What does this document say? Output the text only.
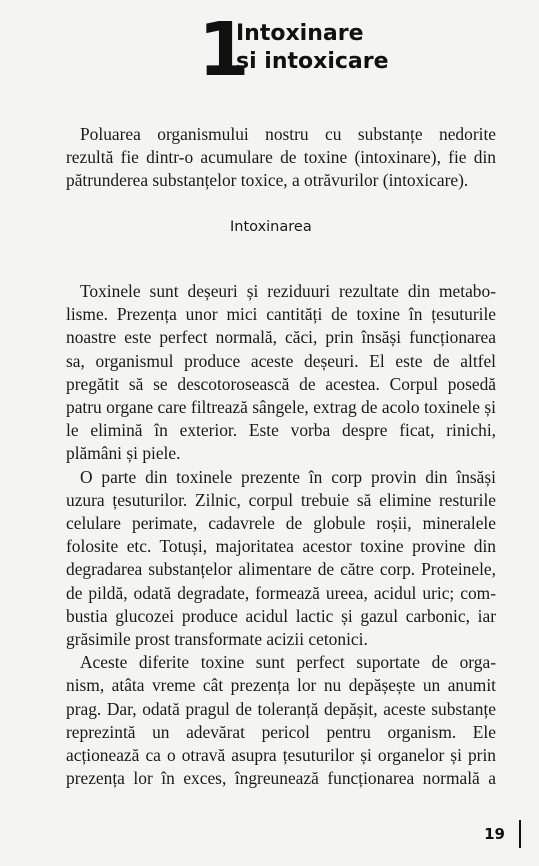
1
Intoxinare
și intoxicare
Poluarea organismului nostru cu substanțe nedorite
rezultă fie dintr-o acumulare de toxine (intoxinare), fie din
pătrunderea substanțelor toxice, a otrăvurilor (intoxicare).
Intoxinarea
Toxinele sunt deșeuri și reziduuri rezultate din metabo-
lisme. Prezența unor mici cantități de toxine în țesuturile
noastre este perfect normală, căci, prin însăși funcționarea
sa, organismul produce aceste deșeuri. El este de altfel
pregătit să se descotorosească de acestea. Corpul posedă
patru organe care filtrează sângele, extrag de acolo toxinele și
le elimină în exterior. Este vorba despre ficat, rinichi,
plămâni și piele.
O parte din toxinele prezente în corp provin din însăși
uzura țesuturilor. Zilnic, corpul trebuie să elimine resturile
celulare perimate, cadavrele de globule roșii, mineralele
folosite etc. Totuși, majoritatea acestor toxine provine din
degradarea substanțelor alimentare de către corp. Proteinele,
de pildă, odată degradate, formează ureea, acidul uric; com-
bustia glucozei produce acidul lactic și gazul carbonic, iar
grăsimile prost transformate acizii cetonici.
Aceste diferite toxine sunt perfect suportate de orga-
nism, atâta vreme cât prezența lor nu depășește un anumit
prag. Dar, odată pragul de toleranță depășit, aceste substanțe
reprezintă un adevărat pericol pentru organism. Ele
acționează ca o otravă asupra țesuturilor și organelor și prin
prezența lor în exces, îngreunează funcționarea normală a
19
